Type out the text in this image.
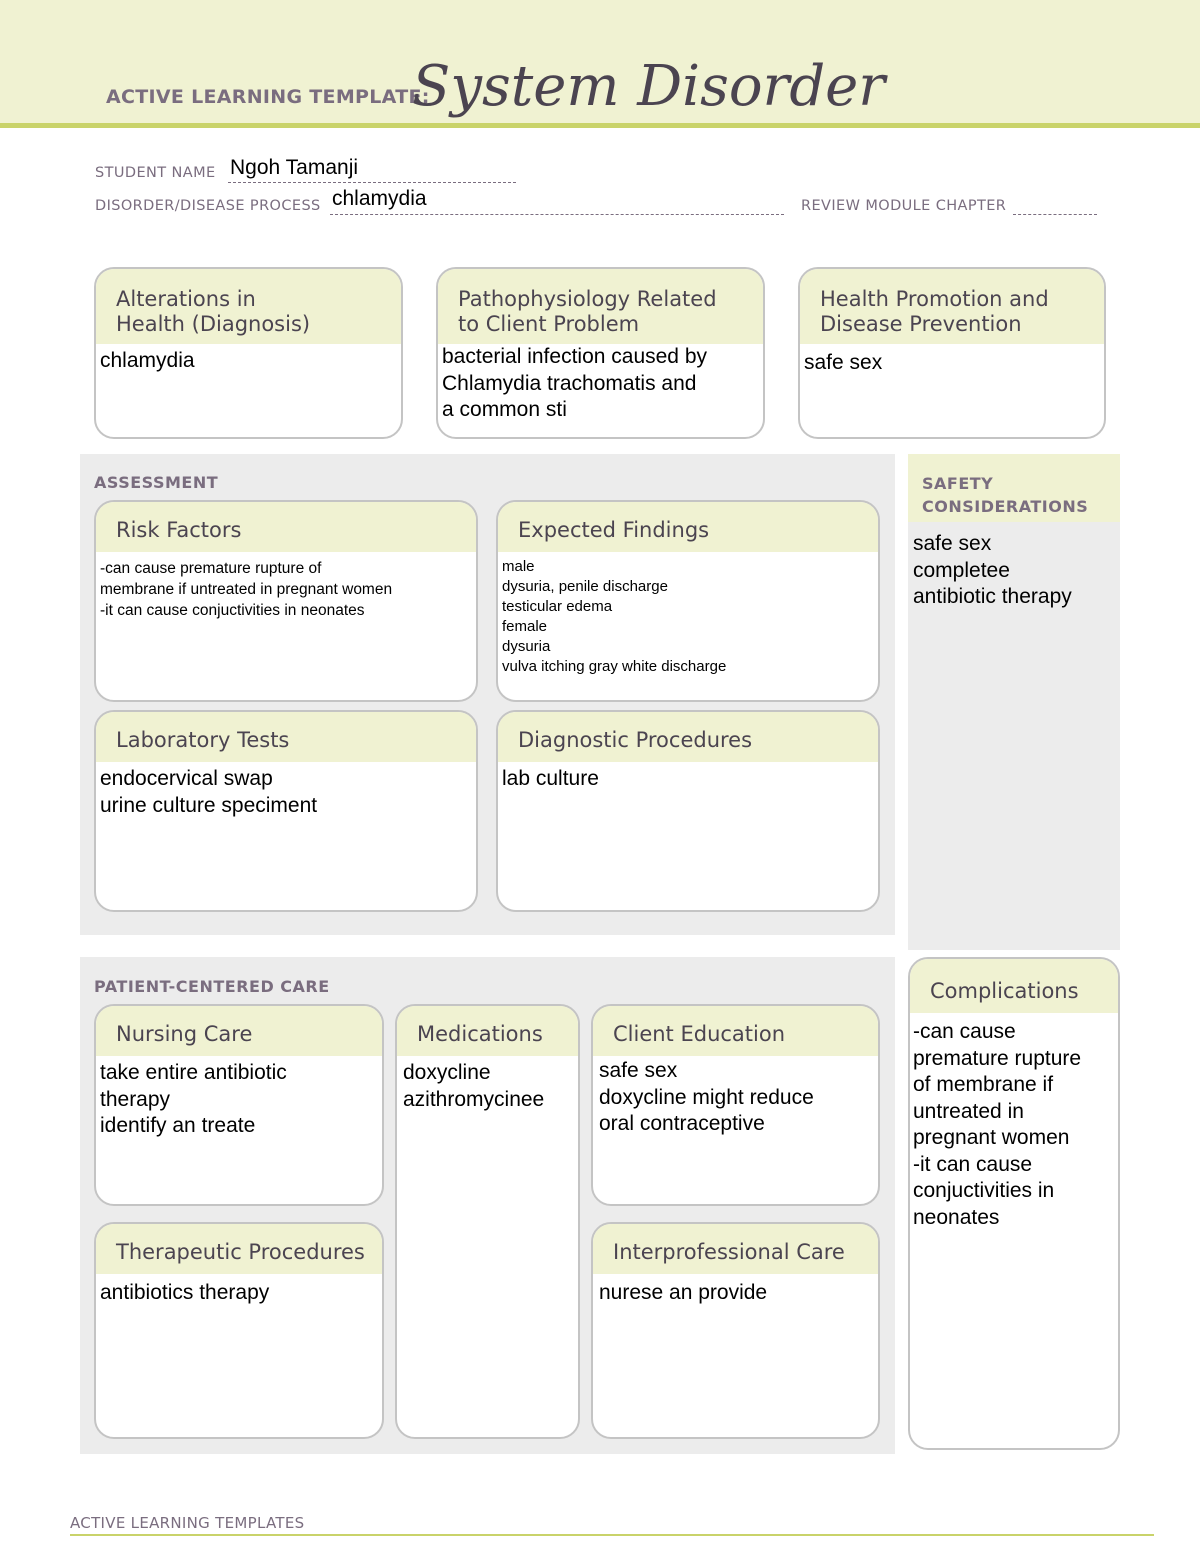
ACTIVE LEARNING TEMPLATE:
System Disorder
STUDENT NAME Ngoh Tamanji
DISORDER/DISEASE PROCESS chlamydia	REVIEW MODULE CHAPTER
Alterations in
Health (Diagnosis)
chlamydia
Pathophysiology Related
to Client Problem
bacterial infection caused by
Chlamydia trachomatis and
a common sti
Health Promotion and
Disease Prevention
safe sex
ASSESSMENT
Risk Factors
-can cause premature rupture of
membrane if untreated in pregnant women
-it can cause conjuctivities in neonates
Expected Findings
male
dysuria, penile discharge
testicular edema
female
dysuria
vulva itching gray white discharge
Laboratory Tests
endocervical swap
urine culture speciment
Diagnostic Procedures
lab culture
SAFETY
CONSIDERATIONS
safe sex
completee
antibiotic therapy
PATIENT-CENTERED CARE
Nursing Care
take entire antibiotic
therapy
identify an treate
Medications
doxycline
azithromycinee
Client Education
safe sex
doxycline might reduce
oral contraceptive
Therapeutic Procedures
antibiotics therapy
Interprofessional Care
nurese an provide
Complications
-can cause
premature rupture
of membrane if
untreated in
pregnant women
-it can cause
conjuctivities in
neonates
ACTIVE LEARNING TEMPLATES
